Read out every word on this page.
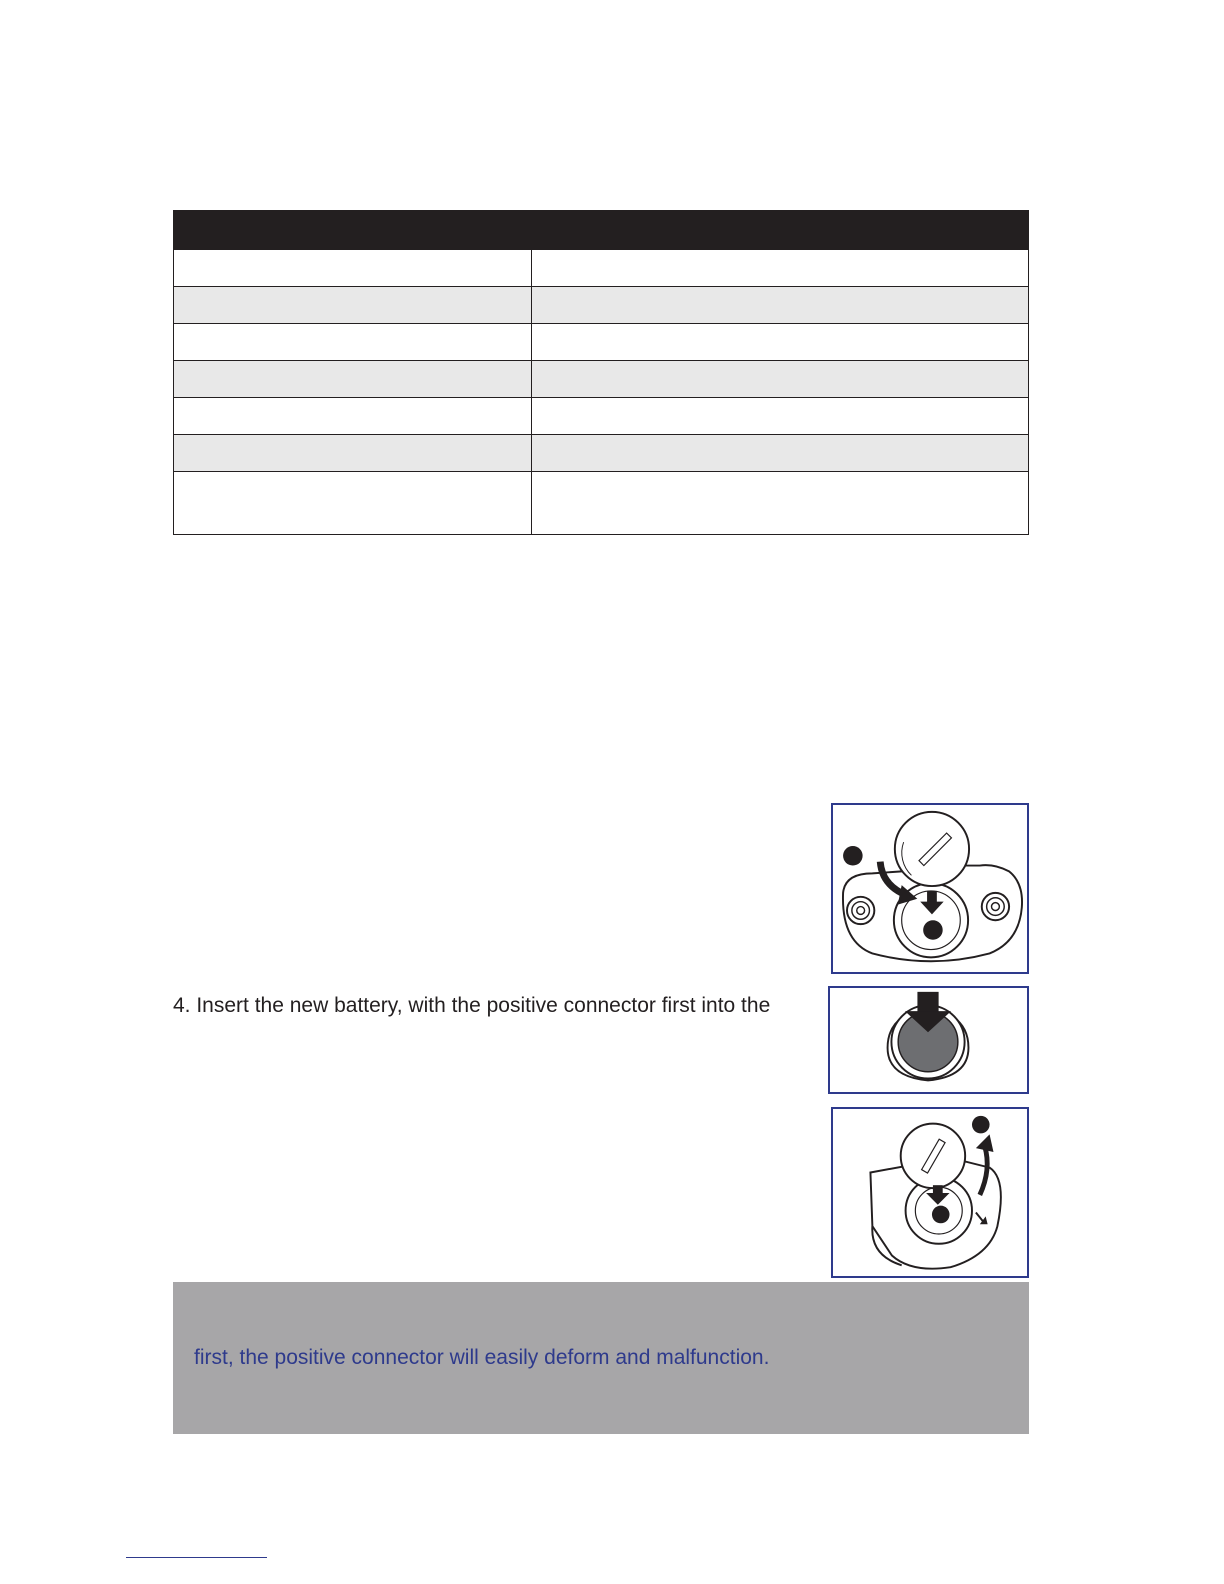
4. Insert the new battery, with the positive connector first into the

first, the positive connector will easily deform and malfunction.
